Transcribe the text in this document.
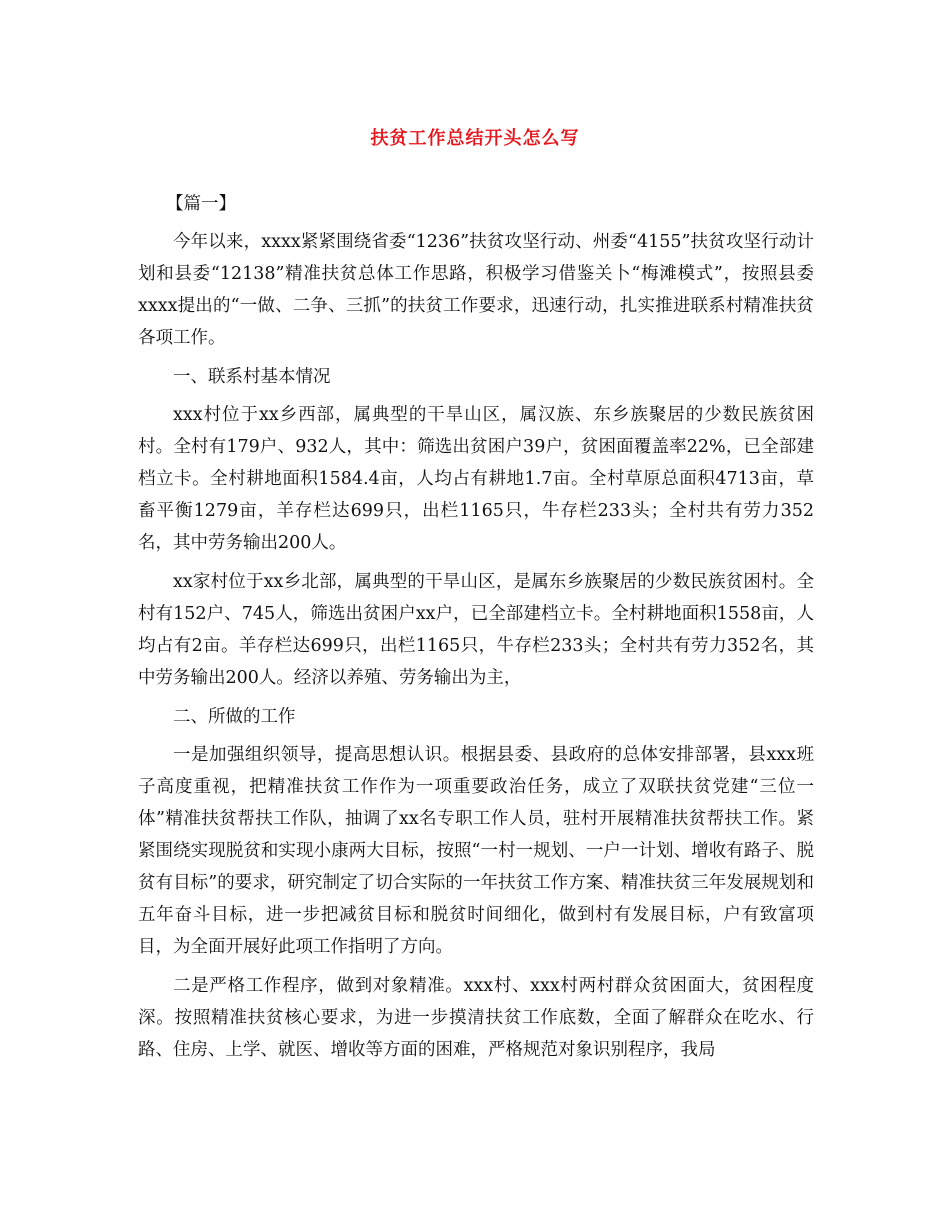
扶贫工作总结开头怎么写

【篇一】

今年以来，xxxx紧紧围绕省委“1236”扶贫攻坚行动、州委“4155”扶贫攻坚行动计划和县委“12138”精准扶贫总体工作思路，积极学习借鉴关卜“梅滩模式”，按照县委xxxx提出的“一做、二争、三抓”的扶贫工作要求，迅速行动，扎实推进联系村精准扶贫各项工作。

一、联系村基本情况

xxx村位于xx乡西部，属典型的干旱山区，属汉族、东乡族聚居的少数民族贫困村。全村有179户、932人，其中：筛选出贫困户39户，贫困面覆盖率22%，已全部建档立卡。全村耕地面积1584.4亩，人均占有耕地1.7亩。全村草原总面积4713亩，草畜平衡1279亩，羊存栏达699只，出栏1165只，牛存栏233头；全村共有劳力352名，其中劳务输出200人。

xx家村位于xx乡北部，属典型的干旱山区，是属东乡族聚居的少数民族贫困村。全村有152户、745人，筛选出贫困户xx户，已全部建档立卡。全村耕地面积1558亩，人均占有2亩。羊存栏达699只，出栏1165只，牛存栏233头；全村共有劳力352名，其中劳务输出200人。经济以养殖、劳务输出为主，

二、所做的工作

一是加强组织领导，提高思想认识。根据县委、县政府的总体安排部署，县xxx班子高度重视，把精准扶贫工作作为一项重要政治任务，成立了双联扶贫党建“三位一体”精准扶贫帮扶工作队，抽调了xx名专职工作人员，驻村开展精准扶贫帮扶工作。紧紧围绕实现脱贫和实现小康两大目标，按照“一村一规划、一户一计划、增收有路子、脱贫有目标”的要求，研究制定了切合实际的一年扶贫工作方案、精准扶贫三年发展规划和五年奋斗目标，进一步把减贫目标和脱贫时间细化，做到村有发展目标，户有致富项目，为全面开展好此项工作指明了方向。

二是严格工作程序，做到对象精准。xxx村、xxx村两村群众贫困面大，贫困程度深。按照精准扶贫核心要求，为进一步摸清扶贫工作底数，全面了解群众在吃水、行路、住房、上学、就医、增收等方面的困难，严格规范对象识别程序，我局
